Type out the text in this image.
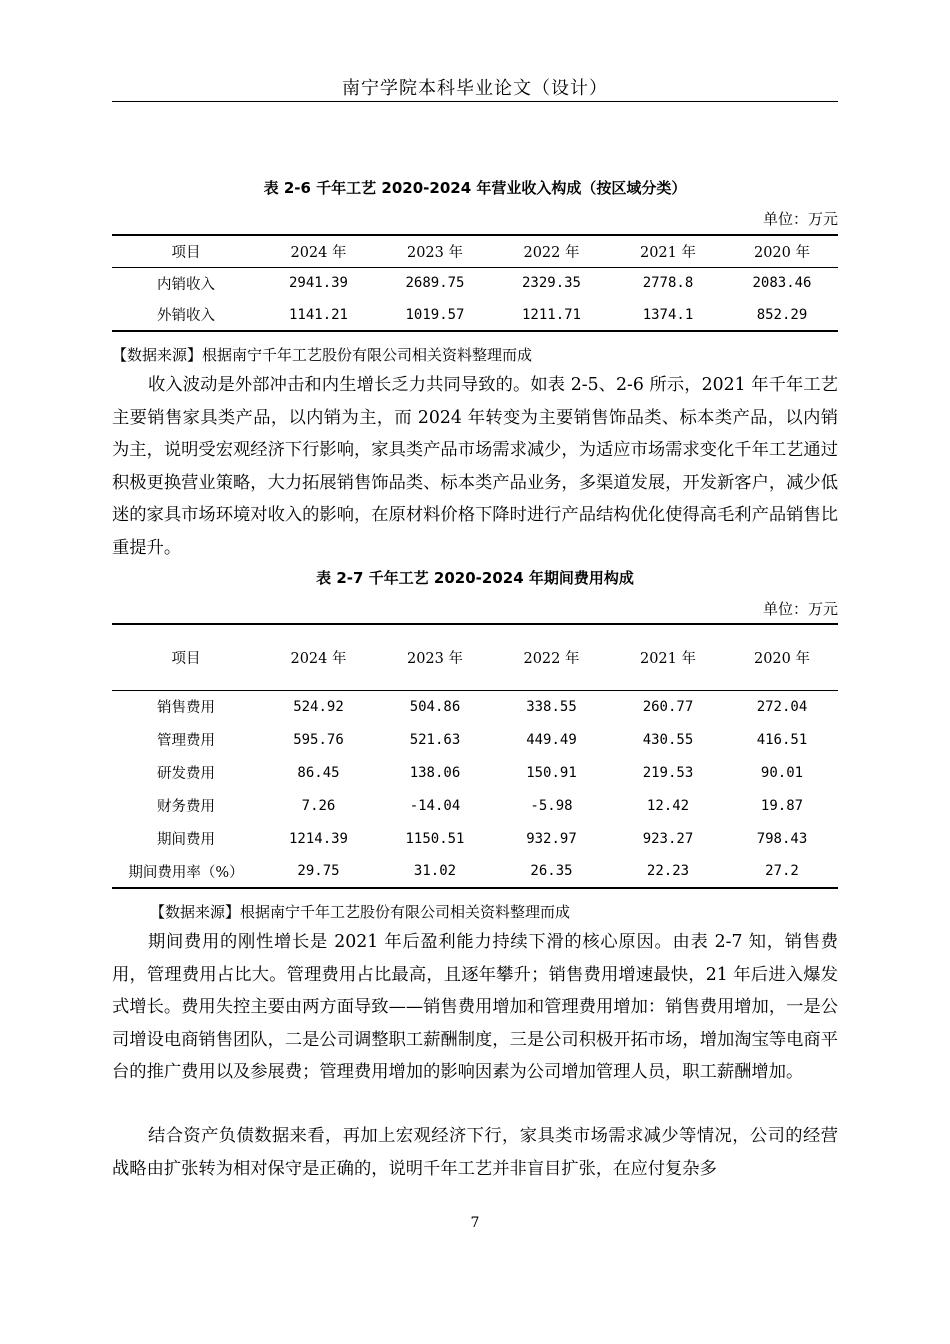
南宁学院本科毕业论文（设计）
表 2-6 千年工艺 2020-2024 年营业收入构成（按区域分类）
单位：万元
项目	2024 年	2023 年	2022 年	2021 年	2020 年
内销收入	2941.39	2689.75	2329.35	2778.8	2083.46
外销收入	1141.21	1019.57	1211.71	1374.1	852.29
【数据来源】根据南宁千年工艺股份有限公司相关资料整理而成

收入波动是外部冲击和内生增长乏力共同导致的。如表 2-5、2-6 所示，2021 年千年工艺主要销售家具类产品，以内销为主，而 2024 年转变为主要销售饰品类、标本类产品，以内销为主，说明受宏观经济下行影响，家具类产品市场需求减少，为适应市场需求变化千年工艺通过积极更换营业策略，大力拓展销售饰品类、标本类产品业务，多渠道发展，开发新客户，减少低迷的家具市场环境对收入的影响，在原材料价格下降时进行产品结构优化使得高毛利产品销售比重提升。

表 2-7 千年工艺 2020-2024 年期间费用构成
单位：万元
项目	2024 年	2023 年	2022 年	2021 年	2020 年
销售费用	524.92	504.86	338.55	260.77	272.04
管理费用	595.76	521.63	449.49	430.55	416.51
研发费用	86.45	138.06	150.91	219.53	90.01
财务费用	7.26	-14.04	-5.98	12.42	19.87
期间费用	1214.39	1150.51	932.97	923.27	798.43
期间费用率（%）	29.75	31.02	26.35	22.23	27.2
【数据来源】根据南宁千年工艺股份有限公司相关资料整理而成

期间费用的刚性增长是 2021 年后盈利能力持续下滑的核心原因。由表 2-7 知，销售费用，管理费用占比大。管理费用占比最高，且逐年攀升；销售费用增速最快，21 年后进入爆发式增长。费用失控主要由两方面导致——销售费用增加和管理费用增加：销售费用增加，一是公司增设电商销售团队，二是公司调整职工薪酬制度，三是公司积极开拓市场，增加淘宝等电商平台的推广费用以及参展费；管理费用增加的影响因素为公司增加管理人员，职工薪酬增加。

结合资产负债数据来看，再加上宏观经济下行，家具类市场需求减少等情况，公司的经营战略由扩张转为相对保守是正确的，说明千年工艺并非盲目扩张，在应付复杂多

7
